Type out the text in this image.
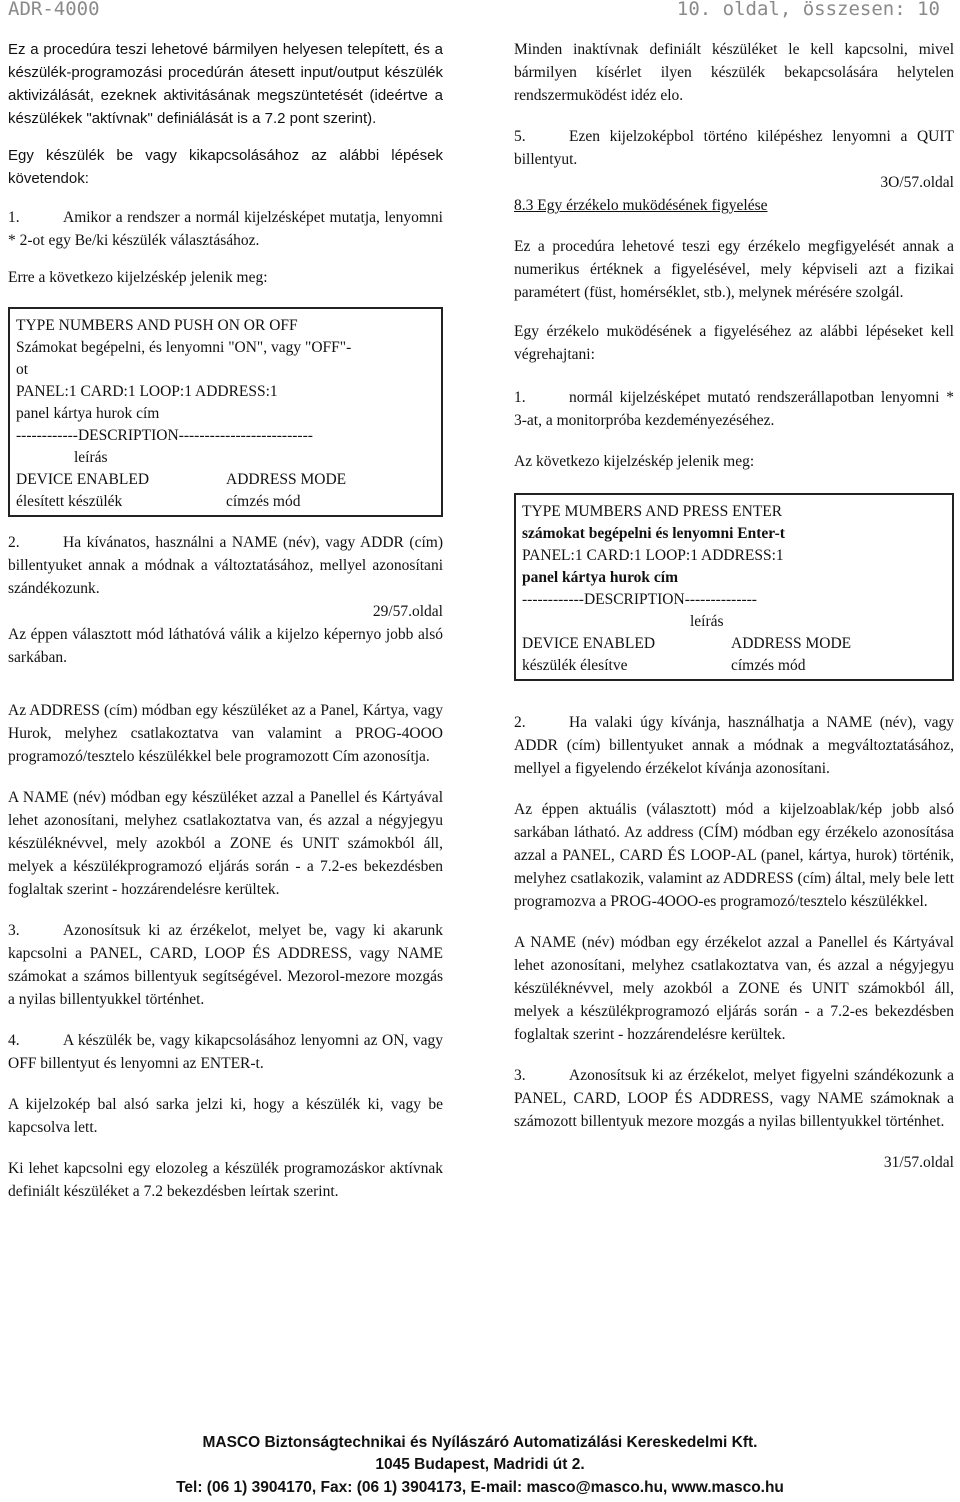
ADR-4000	10. oldal, összesen: 10

Ez a procedúra teszi lehetové bármilyen helyesen telepített, és a készülék-programozási procedúrán átesett input/output készülék aktivizálását, ezeknek aktivitásának megszüntetését (ideértve a készülékek "aktívnak" definiálását is a 7.2 pont szerint).

Egy készülék be vagy kikapcsolásához az alábbi lépések követendok:

1.	Amikor a rendszer a normál kijelzésképet mutatja, lenyomni * 2-ot egy Be/ki készülék választásához.

Erre a következo kijelzéskép jelenik meg:

TYPE NUMBERS AND PUSH ON OR OFF
Számokat begépelni, és lenyomni "ON", vagy "OFF"-
ot
PANEL:1 CARD:1 LOOP:1 ADDRESS:1
panel kártya hurok cím
------------DESCRIPTION--------------------------
leírás
DEVICE ENABLED	ADDRESS MODE
élesített készülék	címzés mód

2.	Ha kívánatos, használni a NAME (név), vagy ADDR (cím) billentyuket annak a módnak a változtatásához, mellyel azonosítani szándékozunk.

29/57.oldal

Az éppen választott mód láthatóvá válik a kijelzo képernyo jobb alsó sarkában.

Az ADDRESS (cím) módban egy készüléket az a Panel, Kártya, vagy Hurok, melyhez csatlakoztatva van valamint a PROG-4OOO programozó/tesztelo készülékkel bele programozott Cím azonosítja.

A NAME (név) módban egy készüléket azzal a Panellel és Kártyával lehet azonosítani, melyhez csatlakoztatva van, és azzal a négyjegyu készüléknévvel, mely azokból a ZONE és UNIT számokból áll, melyek a készülékprogramozó eljárás során - a 7.2-es bekezdésben foglaltak szerint - hozzárendelésre kerültek.

3.	Azonosítsuk ki az érzékelot, melyet be, vagy ki akarunk kapcsolni a PANEL, CARD, LOOP ÉS ADDRESS, vagy NAME számokat a számos billentyuk segítségével. Mezorol-mezore mozgás a nyilas billentyukkel történhet.

4.	A készülék be, vagy kikapcsolásához lenyomni az ON, vagy OFF billentyut és lenyomni az ENTER-t.

A kijelzokép bal alsó sarka jelzi ki, hogy a készülék ki, vagy be kapcsolva lett.

Ki lehet kapcsolni egy elozoleg a készülék programozáskor aktívnak definiált készüléket a 7.2 bekezdésben leírtak szerint.

Minden inaktívnak definiált készüléket le kell kapcsolni, mivel bármilyen kísérlet ilyen készülék bekapcsolására helytelen rendszermuködést idéz elo.

5.	Ezen kijelzoképbol történo kilépéshez lenyomni a QUIT billentyut.

3O/57.oldal

8.3 Egy érzékelo muködésének figyelése

Ez a procedúra lehetové teszi egy érzékelo megfigyelését annak a numerikus értéknek a figyelésével, mely képviseli azt a fizikai paramétert (füst, homérséklet, stb.), melynek mérésére szolgál.

Egy érzékelo muködésének a figyeléséhez az alábbi lépéseket kell végrehajtani:

1.	normál kijelzésképet mutató rendszerállapotban lenyomni * 3-at, a monitorpróba kezdeményezéséhez.

Az következo kijelzéskép jelenik meg:

TYPE MUMBERS AND PRESS ENTER
számokat begépelni és lenyomni Enter-t
PANEL:1 CARD:1 LOOP:1 ADDRESS:1
panel kártya hurok cím
------------DESCRIPTION--------------
leírás
DEVICE ENABLED	ADDRESS MODE
készülék élesítve	címzés mód

2.	Ha valaki úgy kívánja, használhatja a NAME (név), vagy ADDR (cím) billentyuket annak a módnak a megváltoztatásához, mellyel a figyelendo érzékelot kívánja azonosítani.

Az éppen aktuális (választott) mód a kijelzoablak/kép jobb alsó sarkában látható. Az address (CÍM) módban egy érzékelo azonosítása azzal a PANEL, CARD ÉS LOOP-AL (panel, kártya, hurok) történik, melyhez csatlakozik, valamint az ADDRESS (cím) által, mely bele lett programozva a PROG-4OOO-es programozó/tesztelo készülékkel.

A NAME (név) módban egy érzékelot azzal a Panellel és Kártyával lehet azonosítani, melyhez csatlakoztatva van, és azzal a négyjegyu készüléknévvel, mely azokból a ZONE és UNIT számokból áll, melyek a készülékprogramozó eljárás során - a 7.2-es bekezdésben foglaltak szerint - hozzárendelésre kerültek.

3.	Azonosítsuk ki az érzékelot, melyet figyelni szándékozunk a PANEL, CARD, LOOP ÉS ADDRESS, vagy NAME számoknak a számozott billentyuk mezore mozgás a nyilas billentyukkel történhet.

31/57.oldal

MASCO Biztonságtechnikai és Nyílászáró Automatizálási Kereskedelmi Kft.
1045 Budapest, Madridi út 2.
Tel: (06 1) 3904170, Fax: (06 1) 3904173, E-mail: masco@masco.hu, www.masco.hu
